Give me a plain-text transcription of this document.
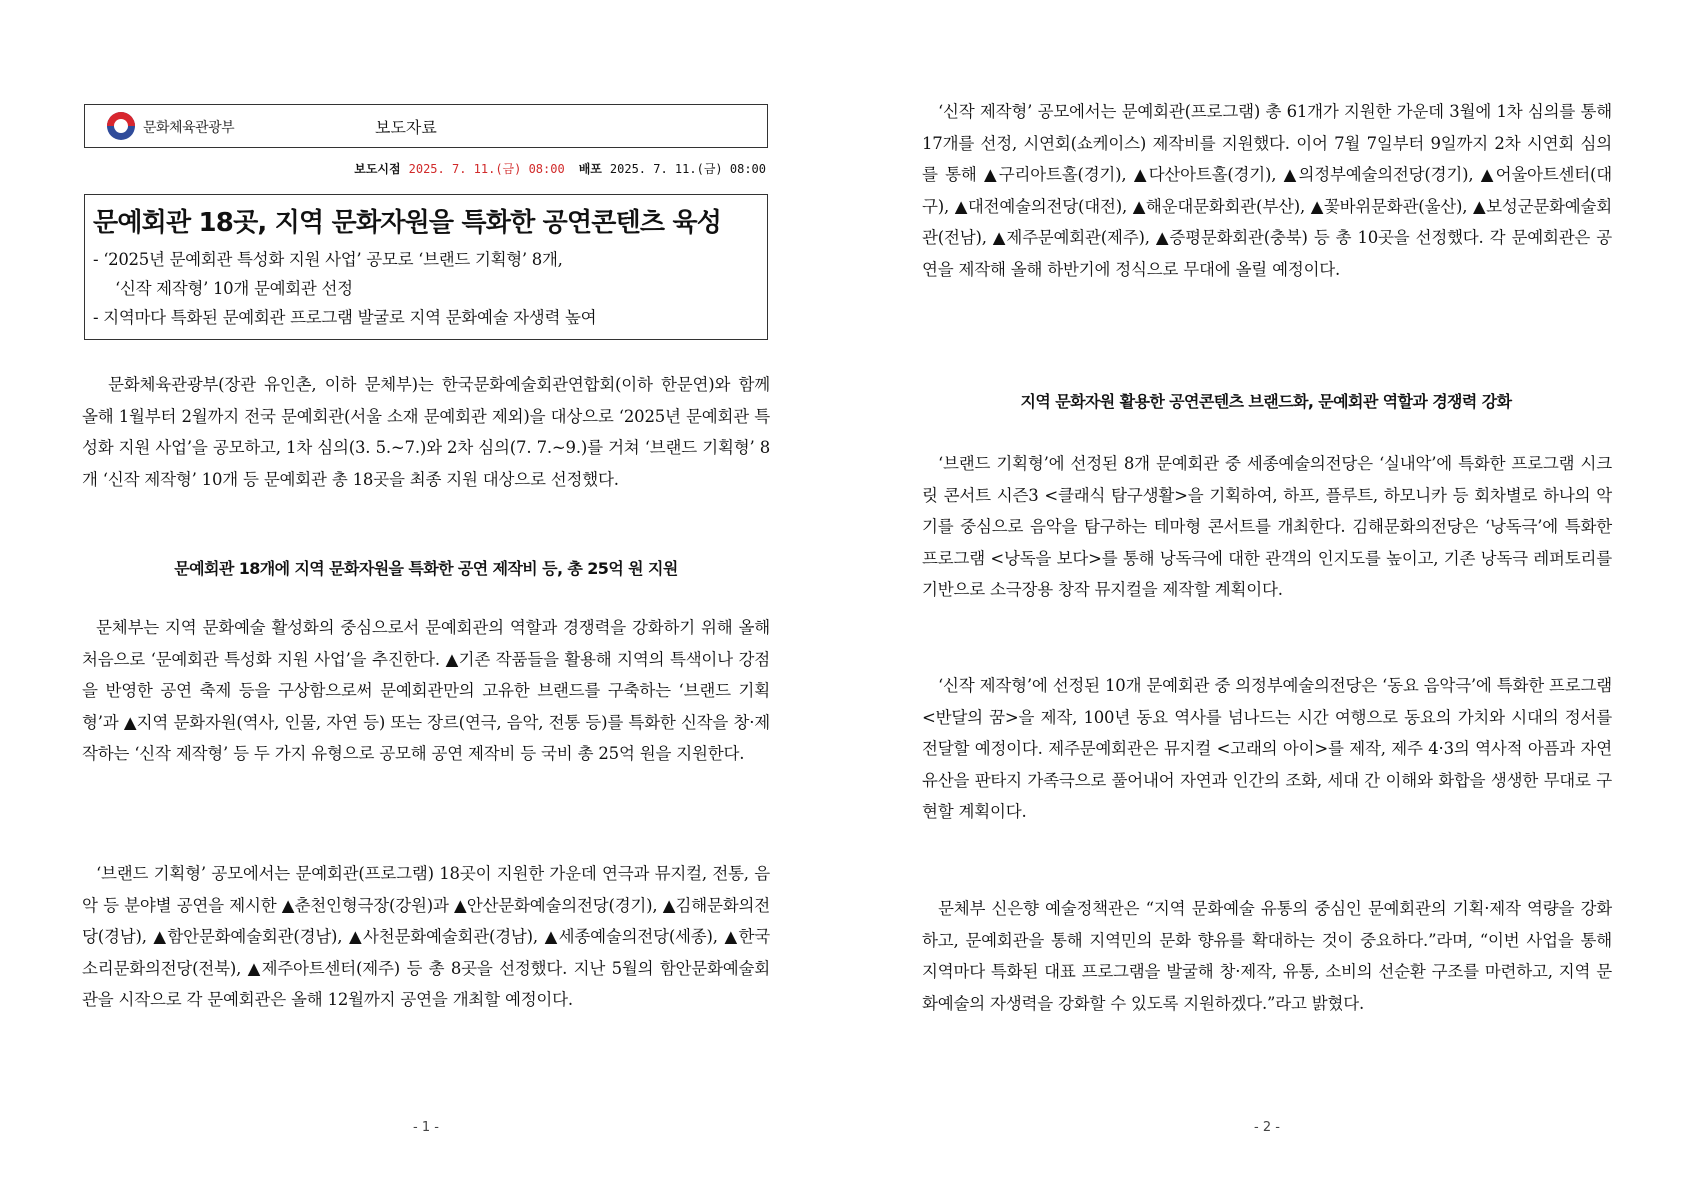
문화체육관광부	보도자료
보도시점 2025. 7. 11.(금) 08:00 배포 2025. 7. 11.(금) 08:00
문예회관 18곳, 지역 문화자원을 특화한 공연콘텐츠 육성

- ‘2025년 문예회관 특성화 지원 사업’ 공모로 ‘브랜드 기획형’ 8개,

‘신작 제작형’ 10개 문예회관 선정

- 지역마다 특화된 문예회관 프로그램 발굴로 지역 문화예술 자생력 높여

문화체육관광부(장관 유인촌, 이하 문체부)는 한국문화예술회관연합회(이하 한문연)와 함께 올해 1월부터 2월까지 전국 문예회관(서울 소재 문예회관 제외)을 대상으로 ‘2025년 문예회관 특성화 지원 사업’을 공모하고, 1차 심의(3. 5.~7.)와 2차 심의(7. 7.~9.)를 거쳐 ‘브랜드 기획형’ 8개 ‘신작 제작형’ 10개 등 문예회관 총 18곳을 최종 지원 대상으로 선정했다.

문예회관 18개에 지역 문화자원을 특화한 공연 제작비 등, 총 25억 원 지원

문체부는 지역 문화예술 활성화의 중심으로서 문예회관의 역할과 경쟁력을 강화하기 위해 올해 처음으로 ‘문예회관 특성화 지원 사업’을 추진한다. ▲기존 작품들을 활용해 지역의 특색이나 강점을 반영한 공연 축제 등을 구상함으로써 문예회관만의 고유한 브랜드를 구축하는 ‘브랜드 기획형’과 ▲지역 문화자원(역사, 인물, 자연 등) 또는 장르(연극, 음악, 전통 등)를 특화한 신작을 창·제작하는 ‘신작 제작형’ 등 두 가지 유형으로 공모해 공연 제작비 등 국비 총 25억 원을 지원한다.

‘브랜드 기획형’ 공모에서는 문예회관(프로그램) 18곳이 지원한 가운데 연극과 뮤지컬, 전통, 음악 등 분야별 공연을 제시한 ▲춘천인형극장(강원)과 ▲안산문화예술의전당(경기), ▲김해문화의전당(경남), ▲함안문화예술회관(경남), ▲사천문화예술회관(경남), ▲세종예술의전당(세종), ▲한국소리문화의전당(전북), ▲제주아트센터(제주) 등 총 8곳을 선정했다. 지난 5월의 함안문화예술회관을 시작으로 각 문예회관은 올해 12월까지 공연을 개최할 예정이다.

- 1 -

‘신작 제작형’ 공모에서는 문예회관(프로그램) 총 61개가 지원한 가운데 3월에 1차 심의를 통해 17개를 선정, 시연회(쇼케이스) 제작비를 지원했다. 이어 7월 7일부터 9일까지 2차 시연회 심의를 통해 ▲구리아트홀(경기), ▲다산아트홀(경기), ▲의정부예술의전당(경기), ▲어울아트센터(대구), ▲대전예술의전당(대전), ▲해운대문화회관(부산), ▲꽃바위문화관(울산), ▲보성군문화예술회관(전남), ▲제주문예회관(제주), ▲증평문화회관(충북) 등 총 10곳을 선정했다. 각 문예회관은 공연을 제작해 올해 하반기에 정식으로 무대에 올릴 예정이다.

지역 문화자원 활용한 공연콘텐츠 브랜드화, 문예회관 역할과 경쟁력 강화

‘브랜드 기획형’에 선정된 8개 문예회관 중 세종예술의전당은 ‘실내악’에 특화한 프로그램 시크릿 콘서트 시즌3 <클래식 탐구생활>을 기획하여, 하프, 플루트, 하모니카 등 회차별로 하나의 악기를 중심으로 음악을 탐구하는 테마형 콘서트를 개최한다. 김해문화의전당은 ‘낭독극’에 특화한 프로그램 <낭독을 보다>를 통해 낭독극에 대한 관객의 인지도를 높이고, 기존 낭독극 레퍼토리를 기반으로 소극장용 창작 뮤지컬을 제작할 계획이다.

‘신작 제작형’에 선정된 10개 문예회관 중 의정부예술의전당은 ‘동요 음악극’에 특화한 프로그램 <반달의 꿈>을 제작, 100년 동요 역사를 넘나드는 시간 여행으로 동요의 가치와 시대의 정서를 전달할 예정이다. 제주문예회관은 뮤지컬 <고래의 아이>를 제작, 제주 4·3의 역사적 아픔과 자연유산을 판타지 가족극으로 풀어내어 자연과 인간의 조화, 세대 간 이해와 화합을 생생한 무대로 구현할 계획이다.

문체부 신은향 예술정책관은 “지역 문화예술 유통의 중심인 문예회관의 기획·제작 역량을 강화하고, 문예회관을 통해 지역민의 문화 향유를 확대하는 것이 중요하다.”라며, “이번 사업을 통해 지역마다 특화된 대표 프로그램을 발굴해 창·제작, 유통, 소비의 선순환 구조를 마련하고, 지역 문화예술의 자생력을 강화할 수 있도록 지원하겠다.”라고 밝혔다.

- 2 -
